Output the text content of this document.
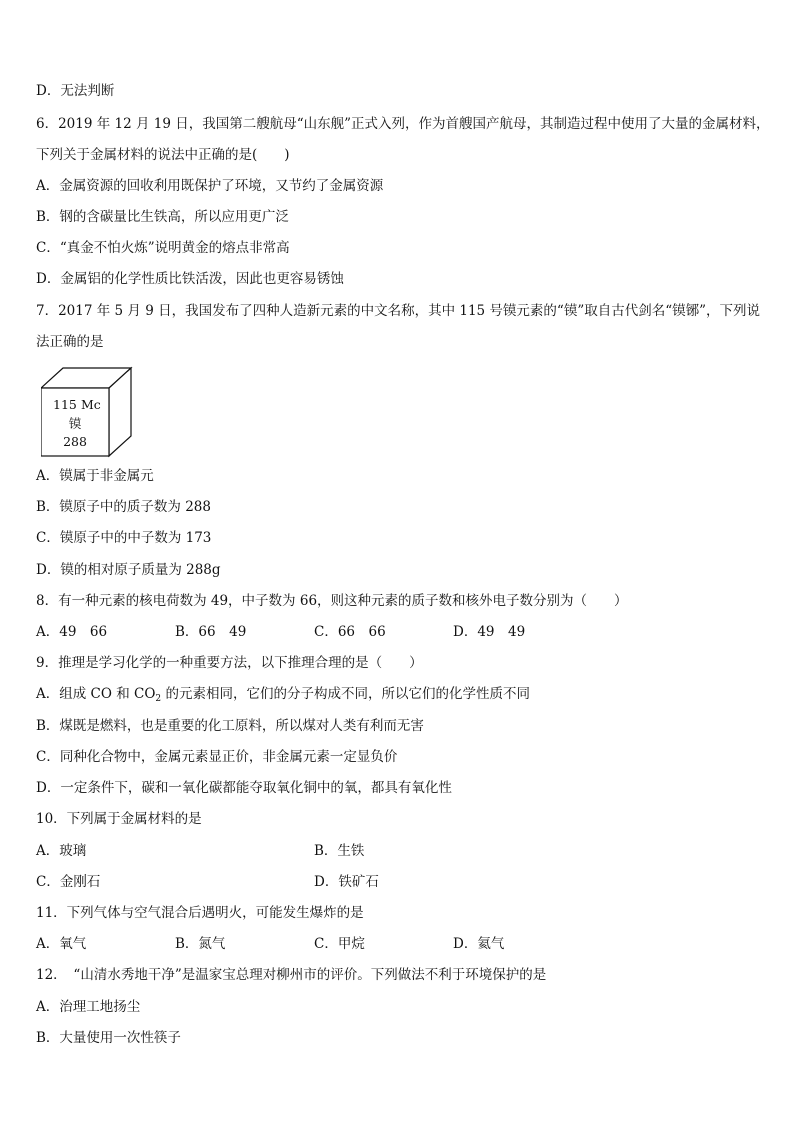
D．无法判断
6．2019 年 12 月 19 日，我国第二艘航母“山东舰”正式入列，作为首艘国产航母，其制造过程中使用了大量的金属材料，
下列关于金属材料的说法中正确的是(　　)
A．金属资源的回收利用既保护了环境，又节约了金属资源
B．钢的含碳量比生铁高，所以应用更广泛
C．“真金不怕火炼”说明黄金的熔点非常高
D．金属铝的化学性质比铁活泼，因此也更容易锈蚀
7．2017 年 5 月 9 日，我国发布了四种人造新元素的中文名称，其中 115 号镆元素的“镆”取自古代剑名“镆铘”，下列说
法正确的是
115 Mc
镆
288
A．镆属于非金属元
B．镆原子中的质子数为 288
C．镆原子中的中子数为 173
D．镆的相对原子质量为 288g
8．有一种元素的核电荷数为 49，中子数为 66，则这种元素的质子数和核外电子数分别为（　　）
A．49　66	B．66　49	C．66　66	D．49　49
9．推理是学习化学的一种重要方法，以下推理合理的是（　　）
A．组成 CO 和 $CO_2$ 的元素相同，它们的分子构成不同，所以它们的化学性质不同
B．煤既是燃料，也是重要的化工原料，所以煤对人类有利而无害
C．同种化合物中，金属元素显正价，非金属元素一定显负价
D．一定条件下，碳和一氧化碳都能夺取氧化铜中的氧，都具有氧化性
10．下列属于金属材料的是
A．玻璃	B．生铁
C．金刚石	D．铁矿石
11．下列气体与空气混合后遇明火，可能发生爆炸的是
A．氧气	B．氮气	C．甲烷	D．氦气
12．　“山清水秀地干净”是温家宝总理对柳州市的评价。下列做法不利于环境保护的是
A．治理工地扬尘
B．大量使用一次性筷子
